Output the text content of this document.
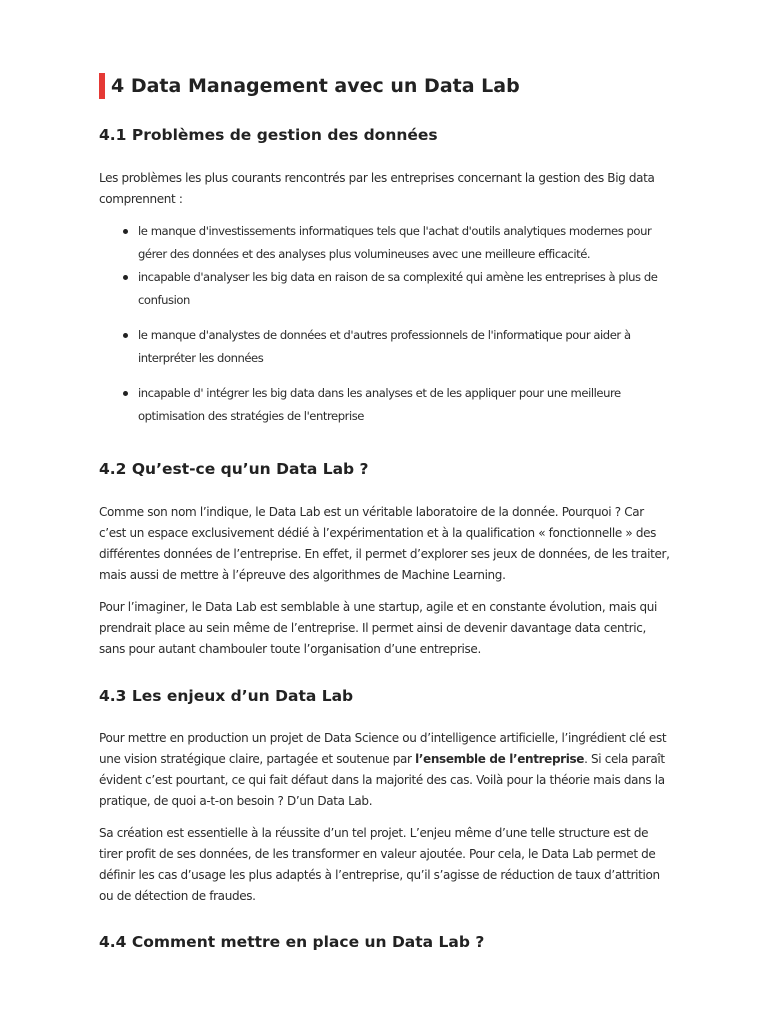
4 Data Management avec un Data Lab
4.1 Problèmes de gestion des données

Les problèmes les plus courants rencontrés par les entreprises concernant la gestion des Big data comprennent :

le manque d'investissements informatiques tels que l'achat d'outils analytiques modernes pour gérer des données et des analyses plus volumineuses avec une meilleure efficacité.
incapable d'analyser les big data en raison de sa complexité qui amène les entreprises à plus de confusion
le manque d'analystes de données et d'autres professionnels de l'informatique pour aider à interpréter les données
incapable d' intégrer les big data dans les analyses et de les appliquer pour une meilleure optimisation des stratégies de l'entreprise
4.2 Qu’est-ce qu’un Data Lab ?

Comme son nom l’indique, le Data Lab est un véritable laboratoire de la donnée. Pourquoi ? Car c’est un espace exclusivement dédié à l’expérimentation et à la qualification « fonctionnelle » des différentes données de l’entreprise. En effet, il permet d’explorer ses jeux de données, de les traiter, mais aussi de mettre à l’épreuve des algorithmes de Machine Learning.

Pour l’imaginer, le Data Lab est semblable à une startup, agile et en constante évolution, mais qui prendrait place au sein même de l’entreprise. Il permet ainsi de devenir davantage data centric, sans pour autant chambouler toute l’organisation d’une entreprise.

4.3 Les enjeux d’un Data Lab

Pour mettre en production un projet de Data Science ou d’intelligence artificielle, l’ingrédient clé est une vision stratégique claire, partagée et soutenue par l’ensemble de l’entreprise. Si cela paraît évident c’est pourtant, ce qui fait défaut dans la majorité des cas. Voilà pour la théorie mais dans la pratique, de quoi a-t-on besoin ? D’un Data Lab.

Sa création est essentielle à la réussite d’un tel projet. L’enjeu même d’une telle structure est de tirer profit de ses données, de les transformer en valeur ajoutée. Pour cela, le Data Lab permet de définir les cas d’usage les plus adaptés à l’entreprise, qu’il s’agisse de réduction de taux d’attrition ou de détection de fraudes.

4.4 Comment mettre en place un Data Lab ?
